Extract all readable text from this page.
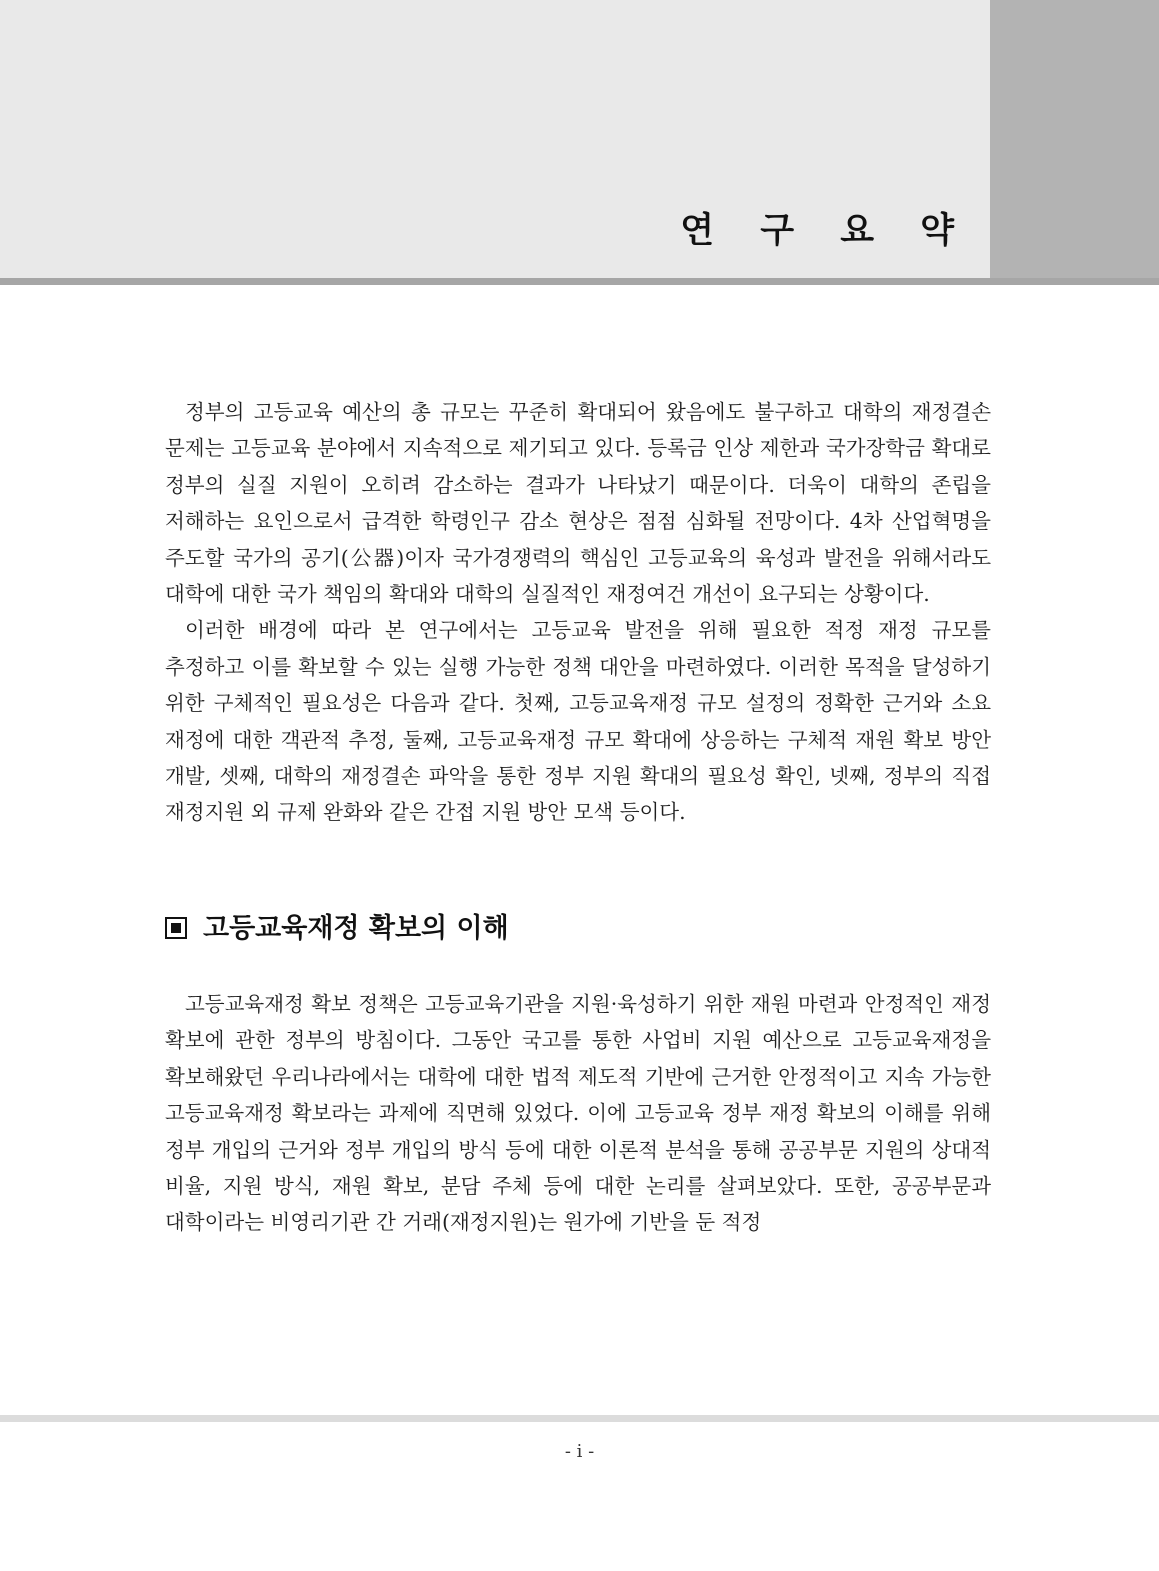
연 구 요 약

정부의 고등교육 예산의 총 규모는 꾸준히 확대되어 왔음에도 불구하고 대학의 재정결손 문제는 고등교육 분야에서 지속적으로 제기되고 있다. 등록금 인상 제한과 국가장학금 확대로 정부의 실질 지원이 오히려 감소하는 결과가 나타났기 때문이다. 더욱이 대학의 존립을 저해하는 요인으로서 급격한 학령인구 감소 현상은 점점 심화될 전망이다. 4차 산업혁명을 주도할 국가의 공기(公器)이자 국가경쟁력의 핵심인 고등교육의 육성과 발전을 위해서라도 대학에 대한 국가 책임의 확대와 대학의 실질적인 재정여건 개선이 요구되는 상황이다.

이러한 배경에 따라 본 연구에서는 고등교육 발전을 위해 필요한 적정 재정 규모를 추정하고 이를 확보할 수 있는 실행 가능한 정책 대안을 마련하였다. 이러한 목적을 달성하기 위한 구체적인 필요성은 다음과 같다. 첫째, 고등교육재정 규모 설정의 정확한 근거와 소요 재정에 대한 객관적 추정, 둘째, 고등교육재정 규모 확대에 상응하는 구체적 재원 확보 방안 개발, 셋째, 대학의 재정결손 파악을 통한 정부 지원 확대의 필요성 확인, 넷째, 정부의 직접 재정지원 외 규제 완화와 같은 간접 지원 방안 모색 등이다.

고등교육재정 확보의 이해

고등교육재정 확보 정책은 고등교육기관을 지원·육성하기 위한 재원 마련과 안정적인 재정 확보에 관한 정부의 방침이다. 그동안 국고를 통한 사업비 지원 예산으로 고등교육재정을 확보해왔던 우리나라에서는 대학에 대한 법적 제도적 기반에 근거한 안정적이고 지속 가능한 고등교육재정 확보라는 과제에 직면해 있었다. 이에 고등교육 정부 재정 확보의 이해를 위해 정부 개입의 근거와 정부 개입의 방식 등에 대한 이론적 분석을 통해 공공부문 지원의 상대적 비율, 지원 방식, 재원 확보, 분담 주체 등에 대한 논리를 살펴보았다. 또한, 공공부문과 대학이라는 비영리기관 간 거래(재정지원)는 원가에 기반을 둔 적정

- i -
